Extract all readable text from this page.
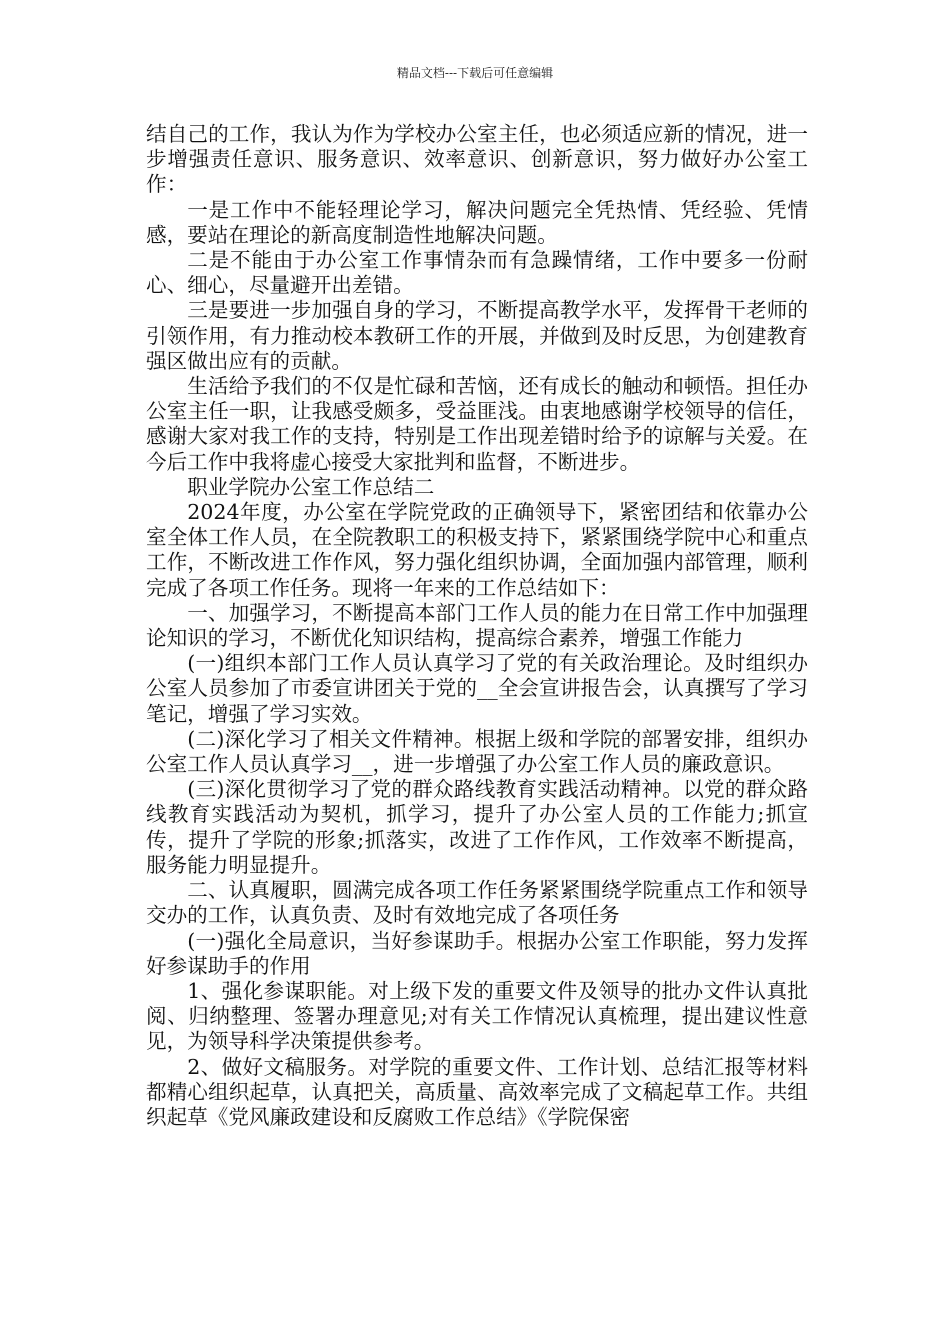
精品文档---下载后可任意编辑

结自己的工作，我认为作为学校办公室主任，也必须适应新的情况，进一步增强责任意识、服务意识、效率意识、创新意识，努力做好办公室工作：

一是工作中不能轻理论学习，解决问题完全凭热情、凭经验、凭情感，要站在理论的新高度制造性地解决问题。

二是不能由于办公室工作事情杂而有急躁情绪，工作中要多一份耐心、细心，尽量避开出差错。

三是要进一步加强自身的学习，不断提高教学水平，发挥骨干老师的引领作用，有力推动校本教研工作的开展，并做到及时反思，为创建教育强区做出应有的贡献。

生活给予我们的不仅是忙碌和苦恼，还有成长的触动和顿悟。担任办公室主任一职，让我感受颇多，受益匪浅。由衷地感谢学校领导的信任，感谢大家对我工作的支持，特别是工作出现差错时给予的谅解与关爱。在今后工作中我将虚心接受大家批判和监督，不断进步。

职业学院办公室工作总结二

2024年度，办公室在学院党政的正确领导下，紧密团结和依靠办公室全体工作人员，在全院教职工的积极支持下，紧紧围绕学院中心和重点工作，不断改进工作作风，努力强化组织协调，全面加强内部管理，顺利完成了各项工作任务。现将一年来的工作总结如下：

一、加强学习，不断提高本部门工作人员的能力在日常工作中加强理论知识的学习，不断优化知识结构，提高综合素养，增强工作能力

(一)组织本部门工作人员认真学习了党的有关政治理论。及时组织办公室人员参加了市委宣讲团关于党的__全会宣讲报告会，认真撰写了学习笔记，增强了学习实效。

(二)深化学习了相关文件精神。根据上级和学院的部署安排，组织办公室工作人员认真学习__，进一步增强了办公室工作人员的廉政意识。

(三)深化贯彻学习了党的群众路线教育实践活动精神。以党的群众路线教育实践活动为契机，抓学习，提升了办公室人员的工作能力;抓宣传，提升了学院的形象;抓落实，改进了工作作风，工作效率不断提高，服务能力明显提升。

二、认真履职，圆满完成各项工作任务紧紧围绕学院重点工作和领导交办的工作，认真负责、及时有效地完成了各项任务

(一)强化全局意识，当好参谋助手。根据办公室工作职能，努力发挥好参谋助手的作用

1、强化参谋职能。对上级下发的重要文件及领导的批办文件认真批阅、归纳整理、签署办理意见;对有关工作情况认真梳理，提出建议性意见，为领导科学决策提供参考。

2、做好文稿服务。对学院的重要文件、工作计划、总结汇报等材料都精心组织起草，认真把关，高质量、高效率完成了文稿起草工作。共组织起草《党风廉政建设和反腐败工作总结》《学院保密
